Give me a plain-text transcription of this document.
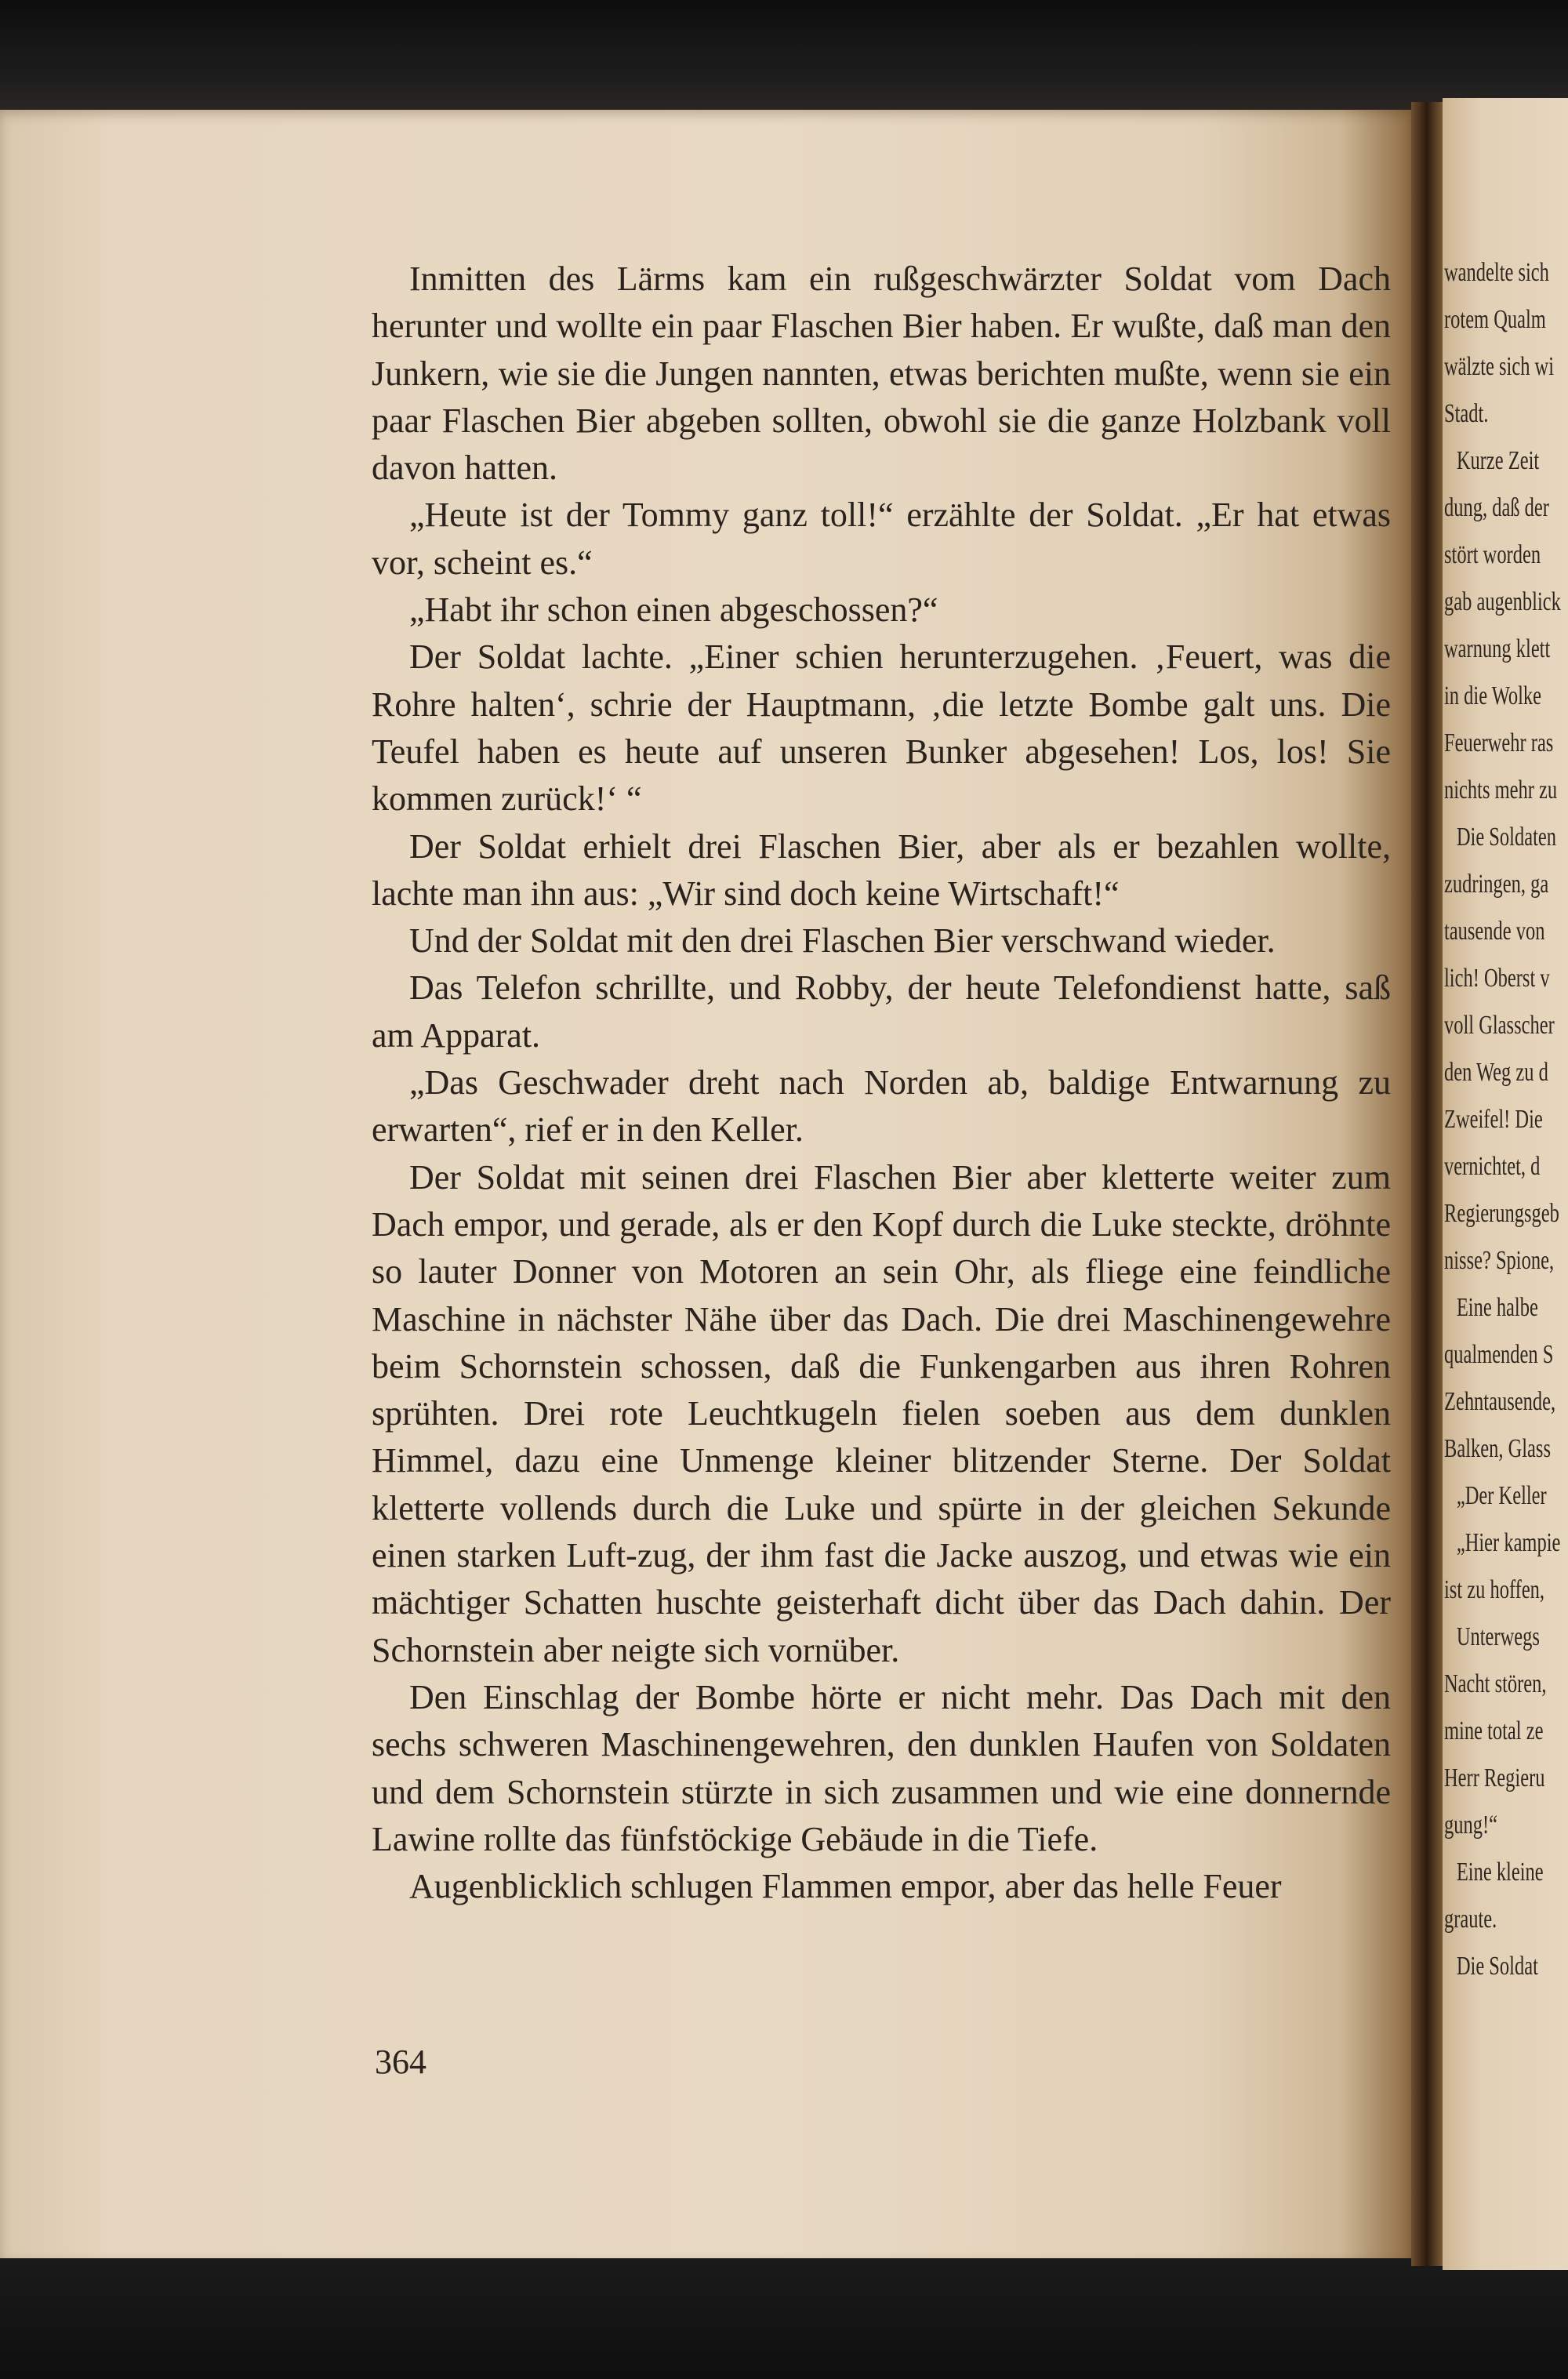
Inmitten des Lärms kam ein rußgeschwärzter Soldat vom Dach herunter und wollte ein paar Flaschen Bier haben. Er wußte, daß man den Junkern, wie sie die Jungen nannten, etwas berichten mußte, wenn sie ein paar Flaschen Bier abgeben sollten, obwohl sie die ganze Holzbank voll davon hatten.

„Heute ist der Tommy ganz toll!“ erzählte der Soldat. „Er hat etwas vor, scheint es.“

„Habt ihr schon einen abgeschossen?“

Der Soldat lachte. „Einer schien herunterzugehen. ‚Feuert, was die Rohre halten‘, schrie der Hauptmann, ‚die letzte Bombe galt uns. Die Teufel haben es heute auf unseren Bunker abgesehen! Los, los! Sie kommen zurück!‘ “

Der Soldat erhielt drei Flaschen Bier, aber als er bezahlen wollte, lachte man ihn aus: „Wir sind doch keine Wirtschaft!“

Und der Soldat mit den drei Flaschen Bier verschwand wieder.

Das Telefon schrillte, und Robby, der heute Telefondienst hatte, saß am Apparat.

„Das Geschwader dreht nach Norden ab, baldige Entwarnung zu erwarten“, rief er in den Keller.

Der Soldat mit seinen drei Flaschen Bier aber kletterte weiter zum Dach empor, und gerade, als er den Kopf durch die Luke steckte, dröhnte so lauter Donner von Motoren an sein Ohr, als fliege eine feindliche Maschine in nächster Nähe über das Dach. Die drei Maschinengewehre beim Schornstein schossen, daß die Funkengarben aus ihren Rohren sprühten. Drei rote Leuchtkugeln fielen soeben aus dem dunklen Himmel, dazu eine Unmenge kleiner blitzender Sterne. Der Soldat kletterte vollends durch die Luke und spürte in der gleichen Sekunde einen starken Luft-zug, der ihm fast die Jacke auszog, und etwas wie ein mächtiger Schatten huschte geisterhaft dicht über das Dach dahin. Der Schornstein aber neigte sich vornüber.

Den Einschlag der Bombe hörte er nicht mehr. Das Dach mit den sechs schweren Maschinengewehren, den dunklen Haufen von Soldaten und dem Schornstein stürzte in sich zusammen und wie eine donnernde Lawine rollte das fünfstöckige Gebäude in die Tiefe.

Augenblicklich schlugen Flammen empor, aber das helle Feuer

364
wandelte sich
rotem Qualm
wälzte sich wi
Stadt.
Kurze Zeit
dung, daß der
stört worden
gab augenblick
warnung klett
in die Wolke
Feuerwehr ras
nichts mehr zu
Die Soldaten
zudringen, ga
tausende von
lich! Oberst v
voll Glasscher
den Weg zu d
Zweifel! Die
vernichtet, d
Regierungsgeb
nisse? Spione,
Eine halbe
qualmenden S
Zehntausende,
Balken, Glass
„Der Keller
„Hier kampie
ist zu hoffen,
Unterwegs
Nacht stören,
mine total ze
Herr Regieru
gung!“
Eine kleine
graute.
Die Soldat
